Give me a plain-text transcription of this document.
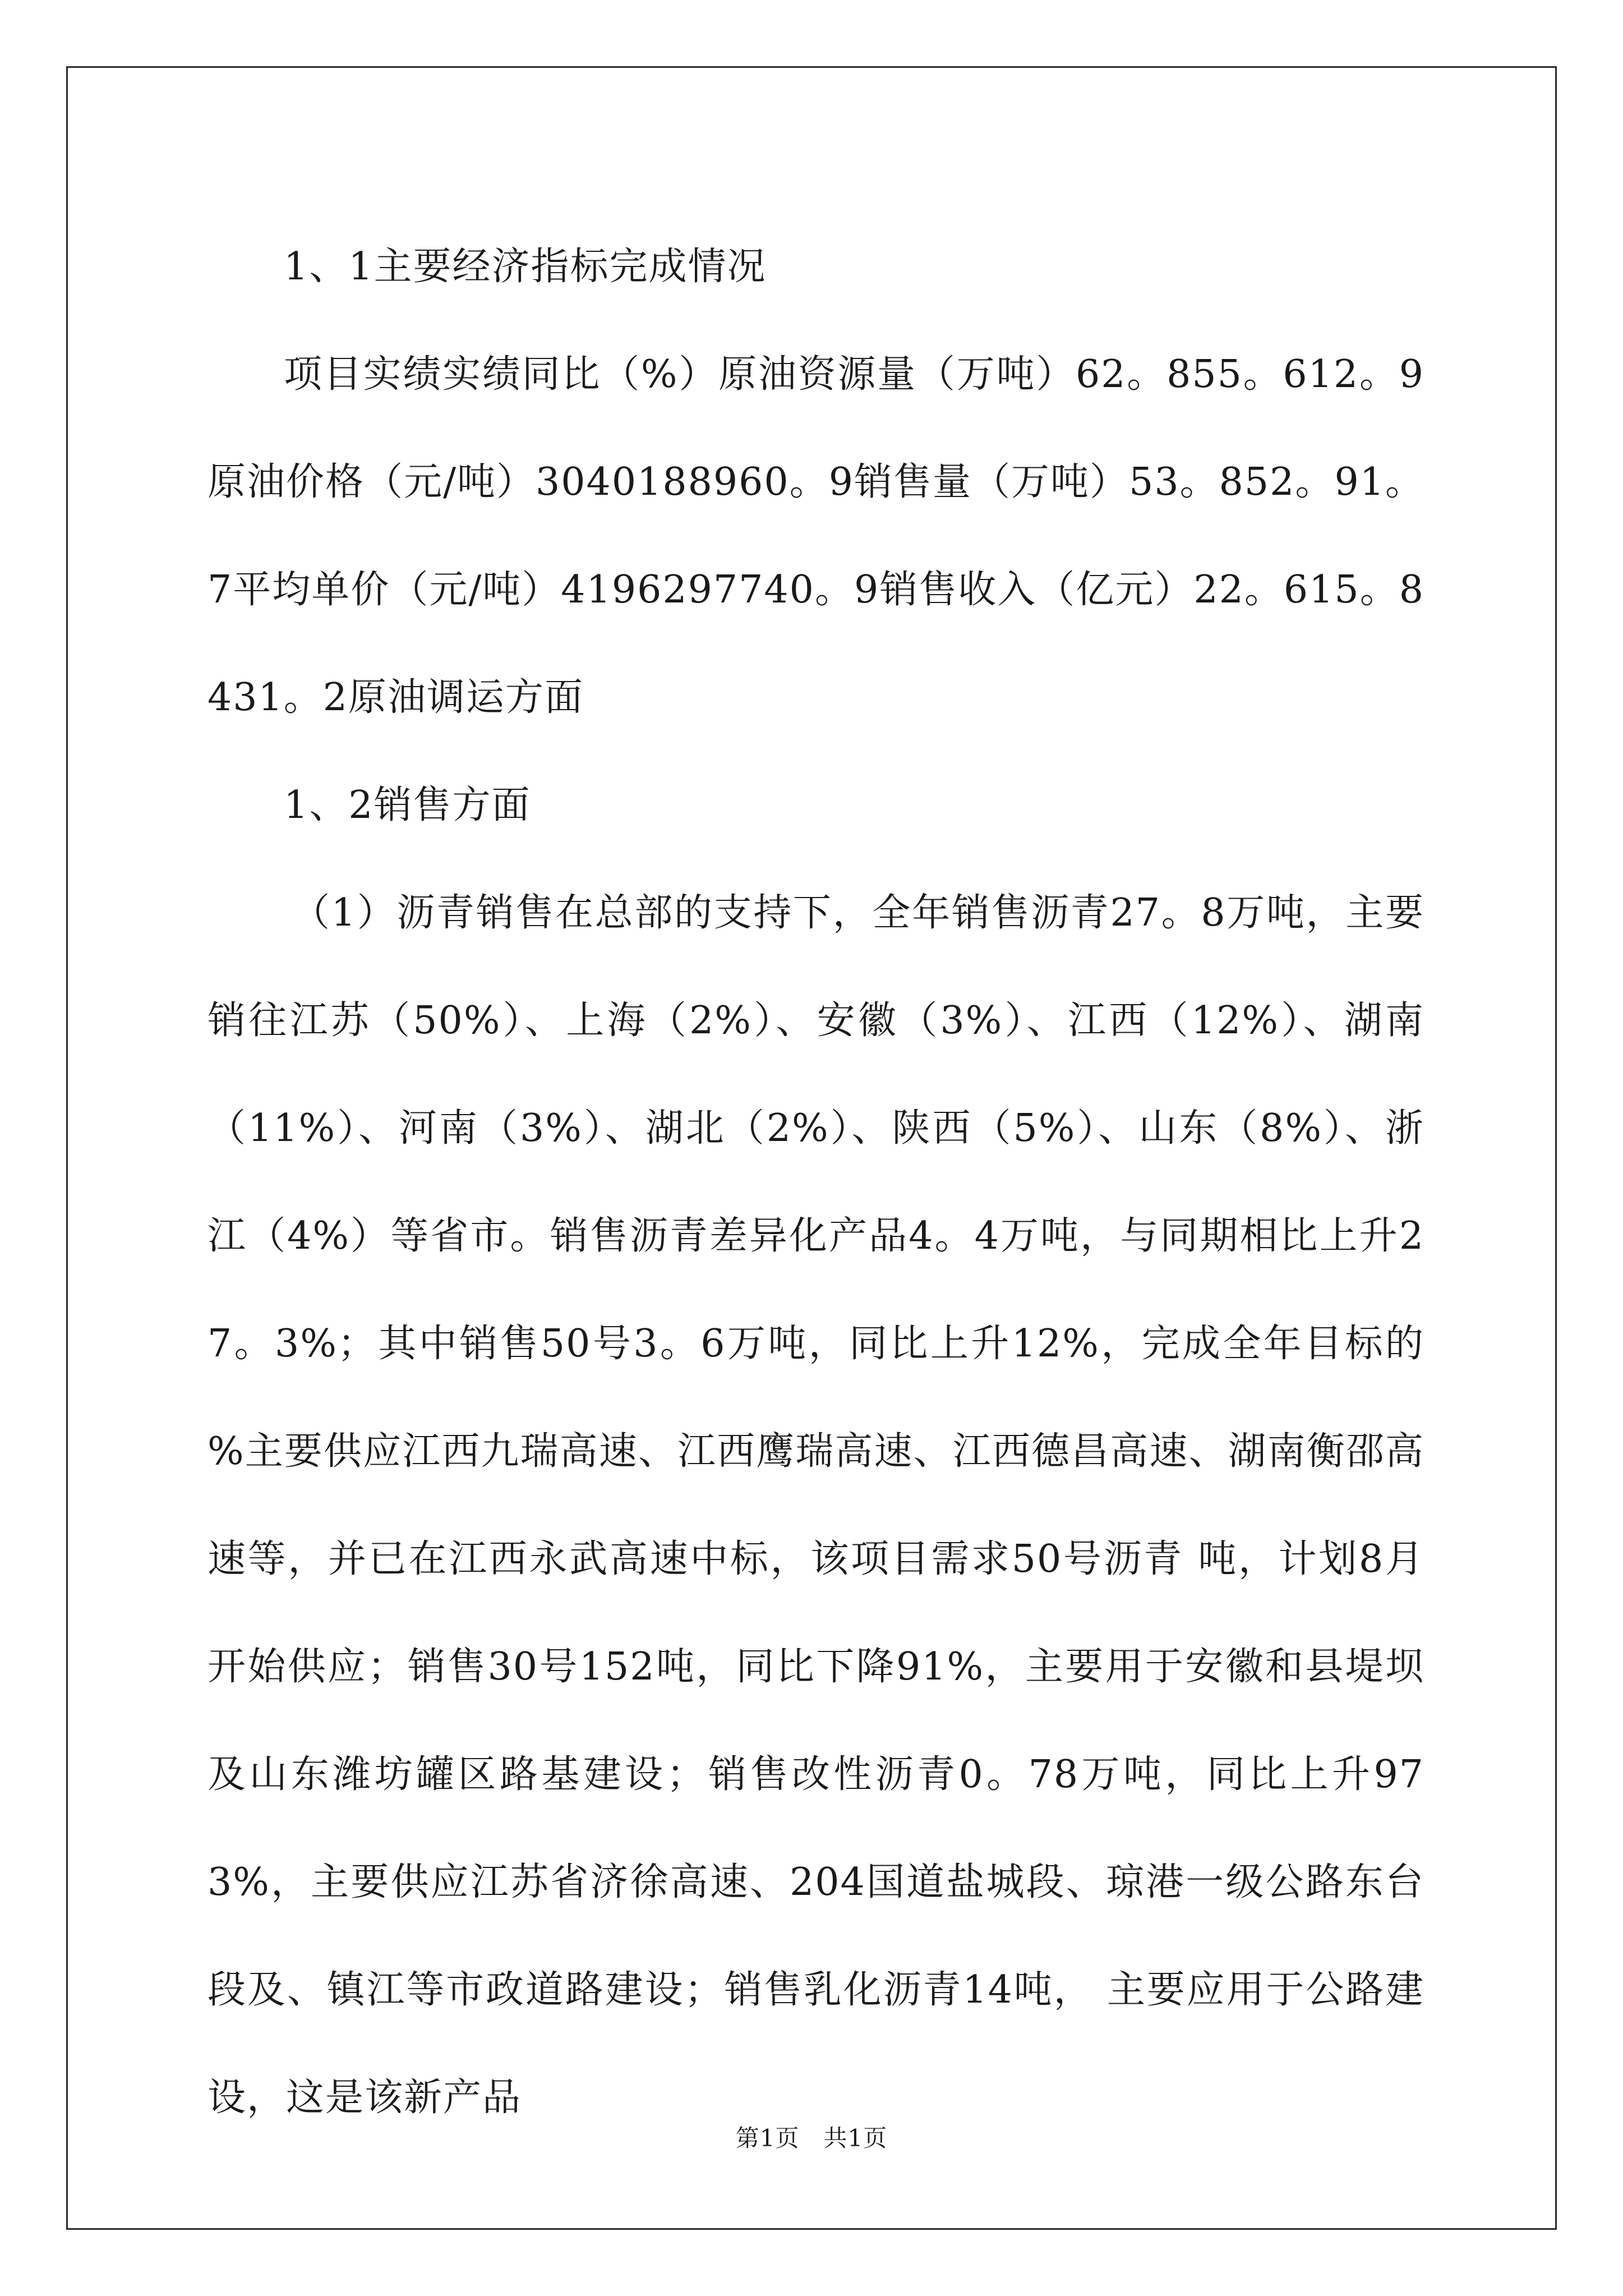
1、1主要经济指标完成情况

项目实绩实绩同比（%）原油资源量（万吨）62。855。612。9原油价格（元/吨）3040188960。9销售量（万吨）53。852。91。7平均单价（元/吨）4196297740。9销售收入（亿元）22。615。8431。2原油调运方面

1、2销售方面

（1）沥青销售在总部的支持下，全年销售沥青27。8万吨，主要销往江苏（50%）、上海（2%）、安徽（3%）、江西（12%）、湖南（11%）、河南（3%）、湖北（2%）、陕西（5%）、山东（8%）、浙江（4%）等省市。销售沥青差异化产品4。4万吨，与同期相比上升27。3%；其中销售50号3。6万吨，同比上升12%，完成全年目标的 %主要供应江西九瑞高速、江西鹰瑞高速、江西德昌高速、湖南衡邵高速等，并已在江西永武高速中标，该项目需求50号沥青 吨，计划8月开始供应；销售30号152吨，同比下降91%，主要用于安徽和县堤坝及山东潍坊罐区路基建设；销售改性沥青0。78万吨，同比上升973%，主要供应江苏省济徐高速、204国道盐城段、琼港一级公路东台段及、镇江等市政道路建设；销售乳化沥青14吨， 主要应用于公路建设，这是该新产品

第1页 共1页
